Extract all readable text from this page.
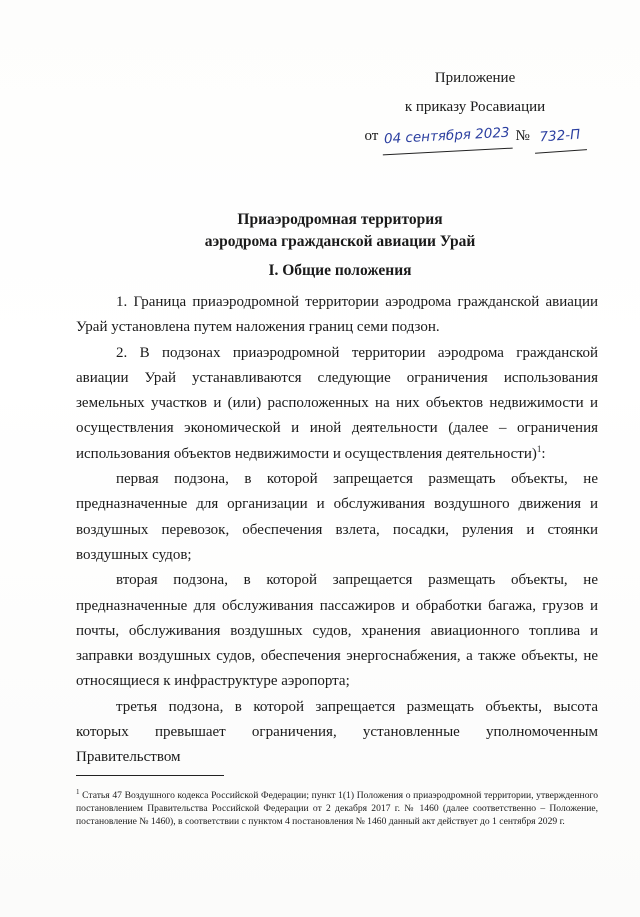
Приложение
к приказу Росавиации
от 04 сентября 2023 № 732-П
Приаэродромная территория
аэродрома гражданской авиации Урай
I. Общие положения

1. Граница приаэродромной территории аэродрома гражданской авиации Урай установлена путем наложения границ семи подзон.

2. В подзонах приаэродромной территории аэродрома гражданской авиации Урай устанавливаются следующие ограничения использования земельных участков и (или) расположенных на них объектов недвижимости и осуществления экономической и иной деятельности (далее – ограничения использования объектов недвижимости и осуществления деятельности)$^1$:

первая подзона, в которой запрещается размещать объекты, не предназначенные для организации и обслуживания воздушного движения и воздушных перевозок, обеспечения взлета, посадки, руления и стоянки воздушных судов;

вторая подзона, в которой запрещается размещать объекты, не предназначенные для обслуживания пассажиров и обработки багажа, грузов и почты, обслуживания воздушных судов, хранения авиационного топлива и заправки воздушных судов, обеспечения энергоснабжения, а также объекты, не относящиеся к инфраструктуре аэропорта;

третья подзона, в которой запрещается размещать объекты, высота которых превышает ограничения, установленные уполномоченным Правительством

$^1$ Статья 47 Воздушного кодекса Российской Федерации; пункт 1(1) Положения о приаэродромной территории, утвержденного постановлением Правительства Российской Федерации от 2 декабря 2017 г. № 1460 (далее соответственно – Положение, постановление № 1460), в соответствии с пунктом 4 постановления № 1460 данный акт действует до 1 сентября 2029 г.
